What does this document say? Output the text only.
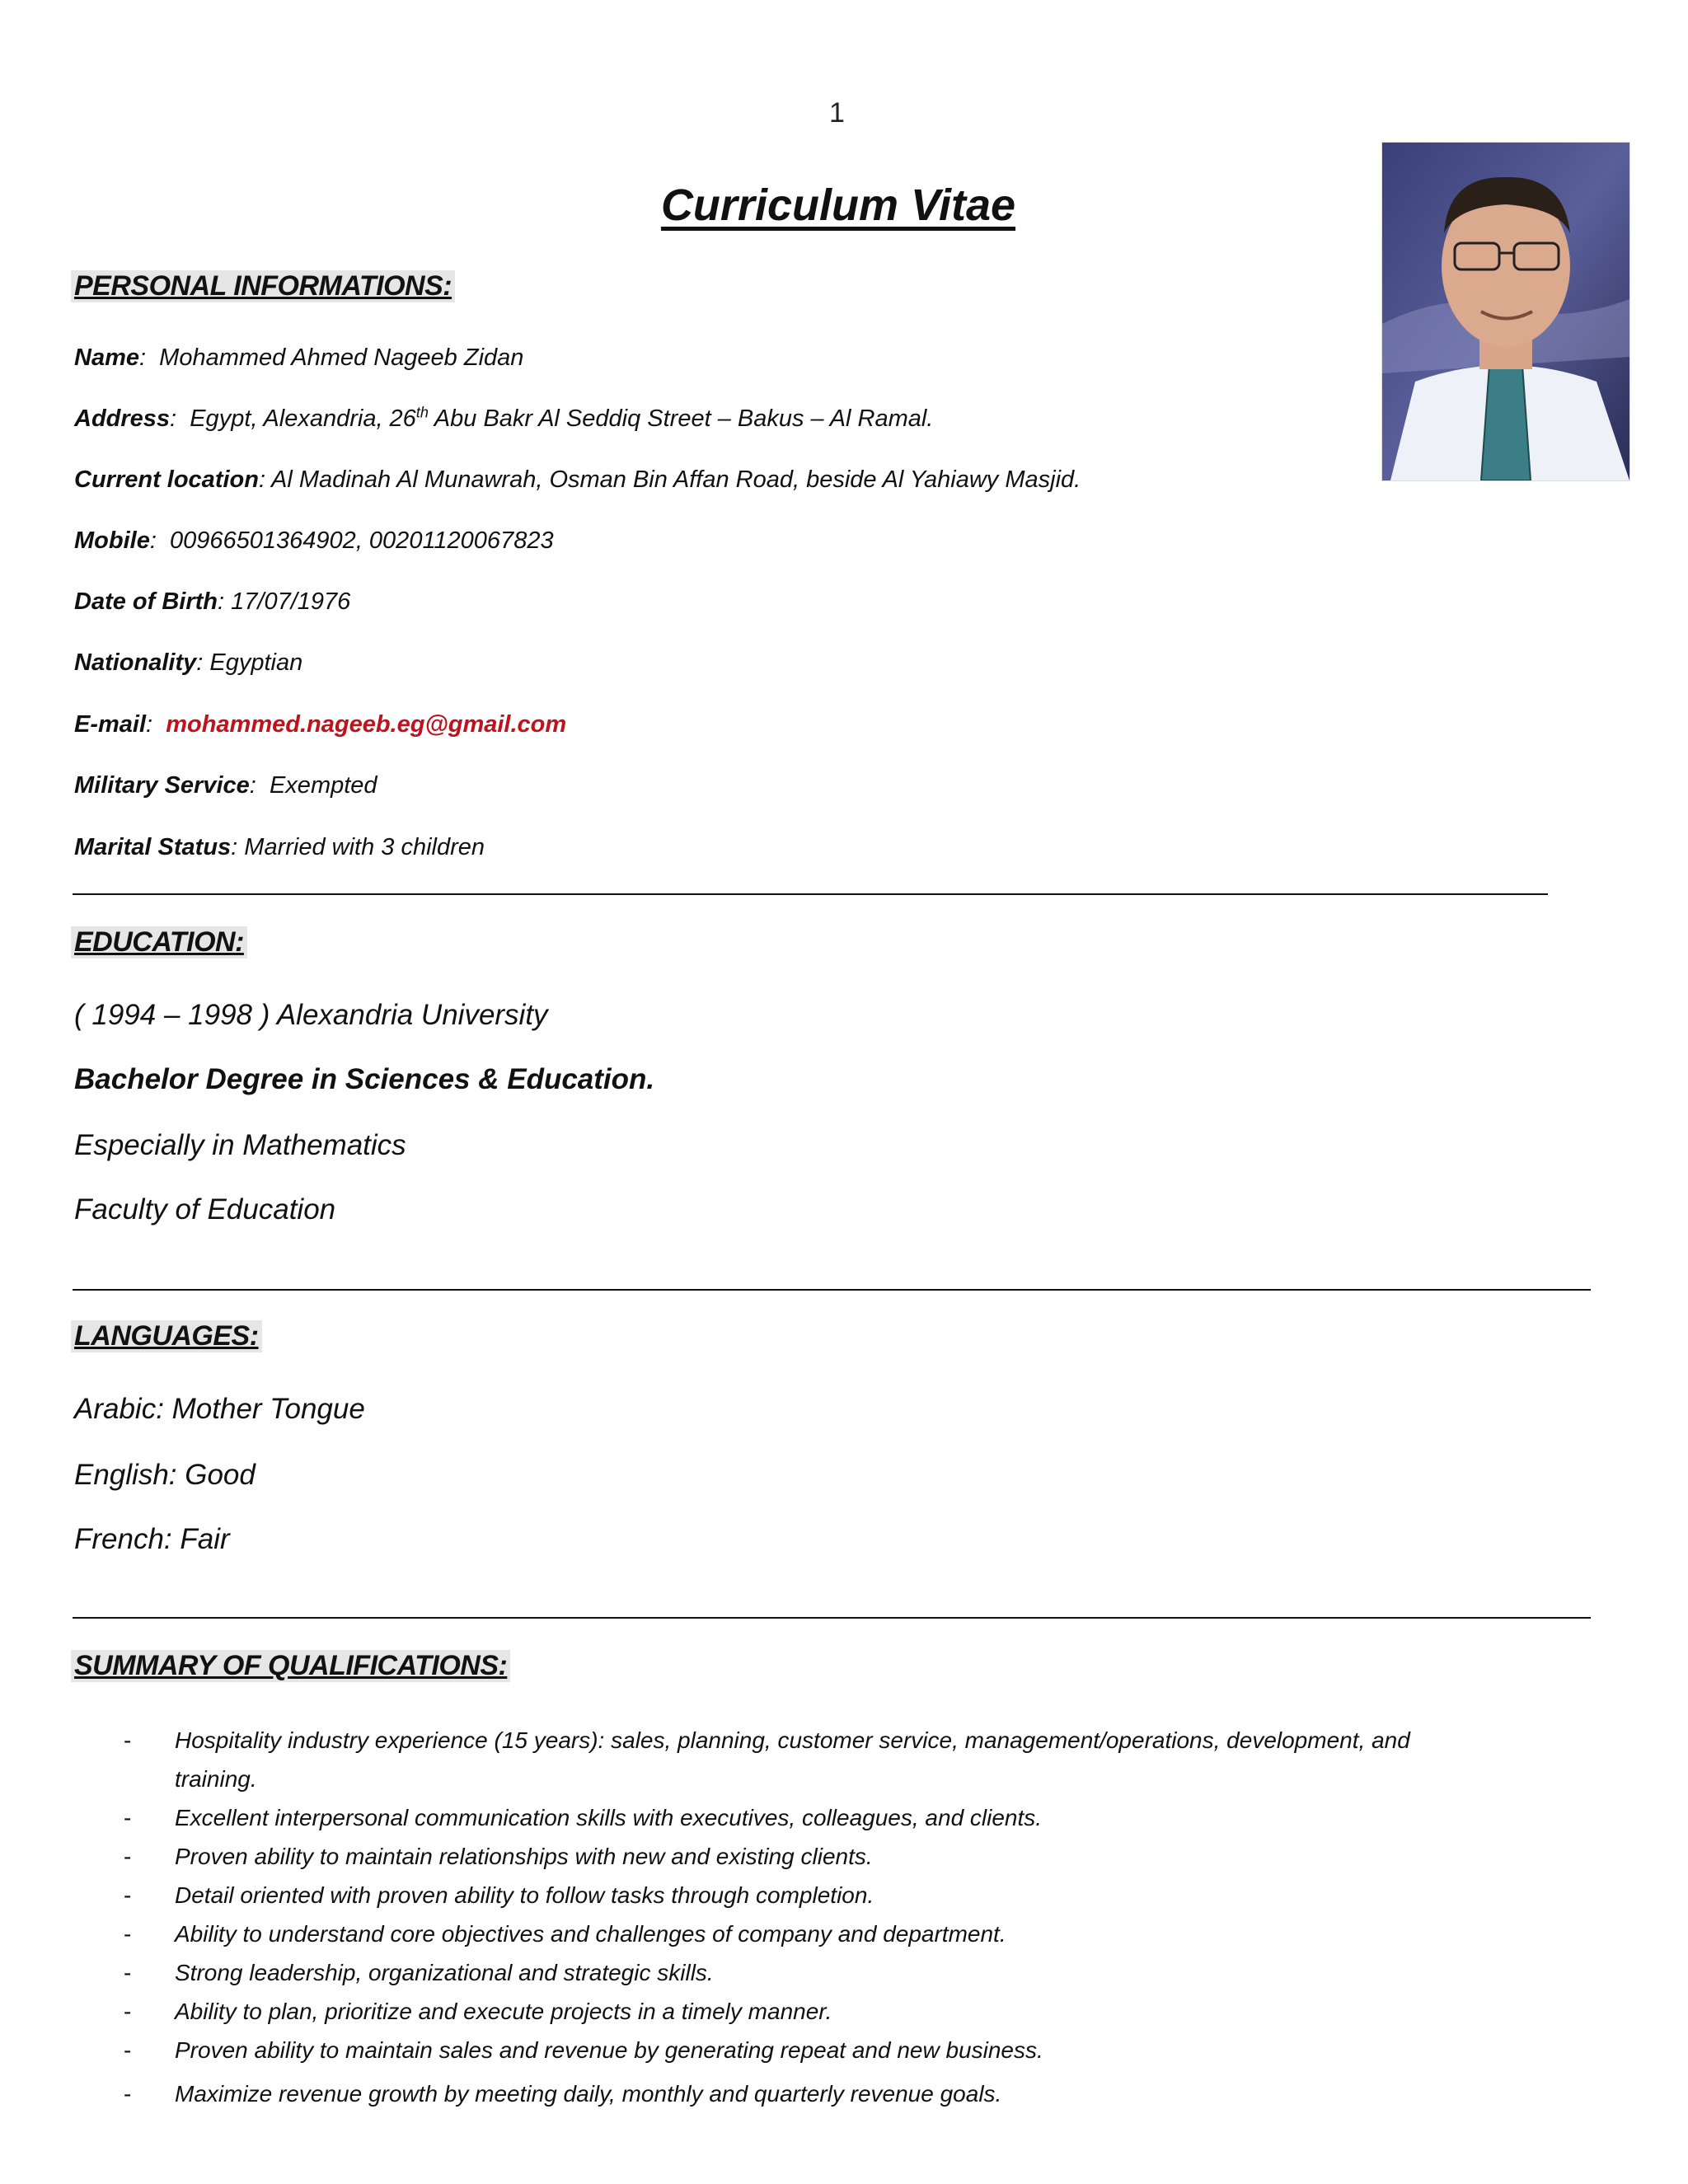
1
Curriculum Vitae
PERSONAL INFORMATIONS:
Name:  Mohammed Ahmed Nageeb Zidan
Address:  Egypt, Alexandria, 26th Abu Bakr Al Seddiq Street – Bakus – Al Ramal.
Current location: Al Madinah Al Munawrah, Osman Bin Affan Road, beside Al Yahiawy Masjid.
Mobile:  00966501364902, 00201120067823
Date of Birth: 17/07/1976
Nationality: Egyptian
E-mail:  mohammed.nageeb.eg@gmail.com
Military Service:  Exempted
Marital Status: Married with 3 children
EDUCATION:
( 1994 – 1998 ) Alexandria University
Bachelor Degree in Sciences & Education.
Especially in Mathematics
Faculty of Education
LANGUAGES:
Arabic: Mother Tongue
English: Good
French: Fair
SUMMARY OF QUALIFICATIONS:
- Hospitality industry experience (15 years): sales, planning, customer service, management/operations, development, and
training.
- Excellent interpersonal communication skills with executives, colleagues, and clients.
- Proven ability to maintain relationships with new and existing clients.
- Detail oriented with proven ability to follow tasks through completion.
- Ability to understand core objectives and challenges of company and department.
- Strong leadership, organizational and strategic skills.
- Ability to plan, prioritize and execute projects in a timely manner.
- Proven ability to maintain sales and revenue by generating repeat and new business.
- Maximize revenue growth by meeting daily, monthly and quarterly revenue goals.
